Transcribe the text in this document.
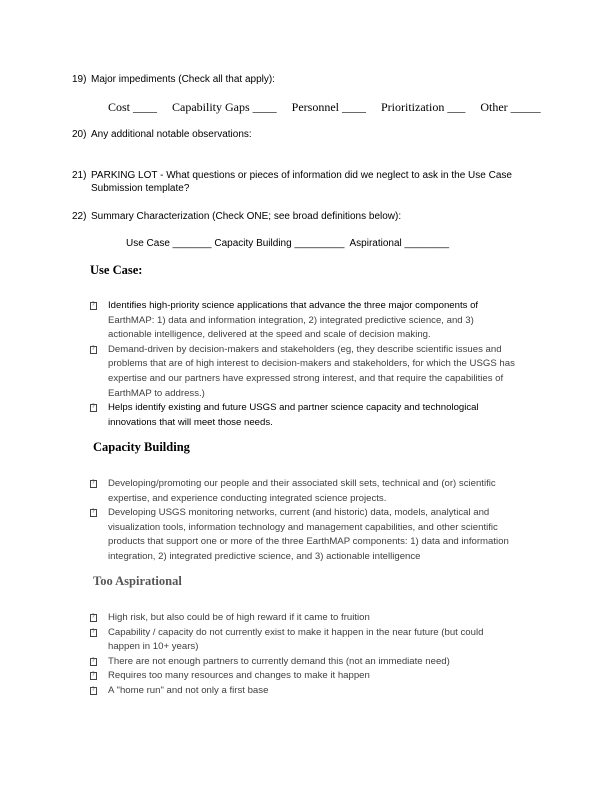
19) Major impediments (Check all that apply):
Cost ____ Capability Gaps ____ Personnel ____ Prioritization ___ Other _____
20) Any additional notable observations:
21) PARKING LOT - What questions or pieces of information did we neglect to ask in the Use Case
Submission template?
22) Summary Characterization (Check ONE; see broad definitions below):
Use Case _______ Capacity Building _________  Aspirational ________
Use Case:
?
Identifies high-priority science applications that advance the three major components of
EarthMAP: 1) data and information integration, 2) integrated predictive science, and 3)
actionable intelligence, delivered at the speed and scale of decision making.
?
Demand-driven by decision-makers and stakeholders (eg, they describe scientific issues and
problems that are of high interest to decision-makers and stakeholders, for which the USGS has
expertise and our partners have expressed strong interest, and that require the capabilities of
EarthMAP to address.)
?
Helps identify existing and future USGS and partner science capacity and technological
innovations that will meet those needs.
Capacity Building
?
Developing/promoting our people and their associated skill sets, technical and (or) scientific
expertise, and experience conducting integrated science projects.
?
Developing USGS monitoring networks, current (and historic) data, models, analytical and
visualization tools, information technology and management capabilities, and other scientific
products that support one or more of the three EarthMAP components: 1) data and information
integration, 2) integrated predictive science, and 3) actionable intelligence
Too Aspirational
?
High risk, but also could be of high reward if it came to fruition
?
Capability / capacity do not currently exist to make it happen in the near future (but could
happen in 10+ years)
?
There are not enough partners to currently demand this (not an immediate need)
?
Requires too many resources and changes to make it happen
?
A "home run" and not only a first base
